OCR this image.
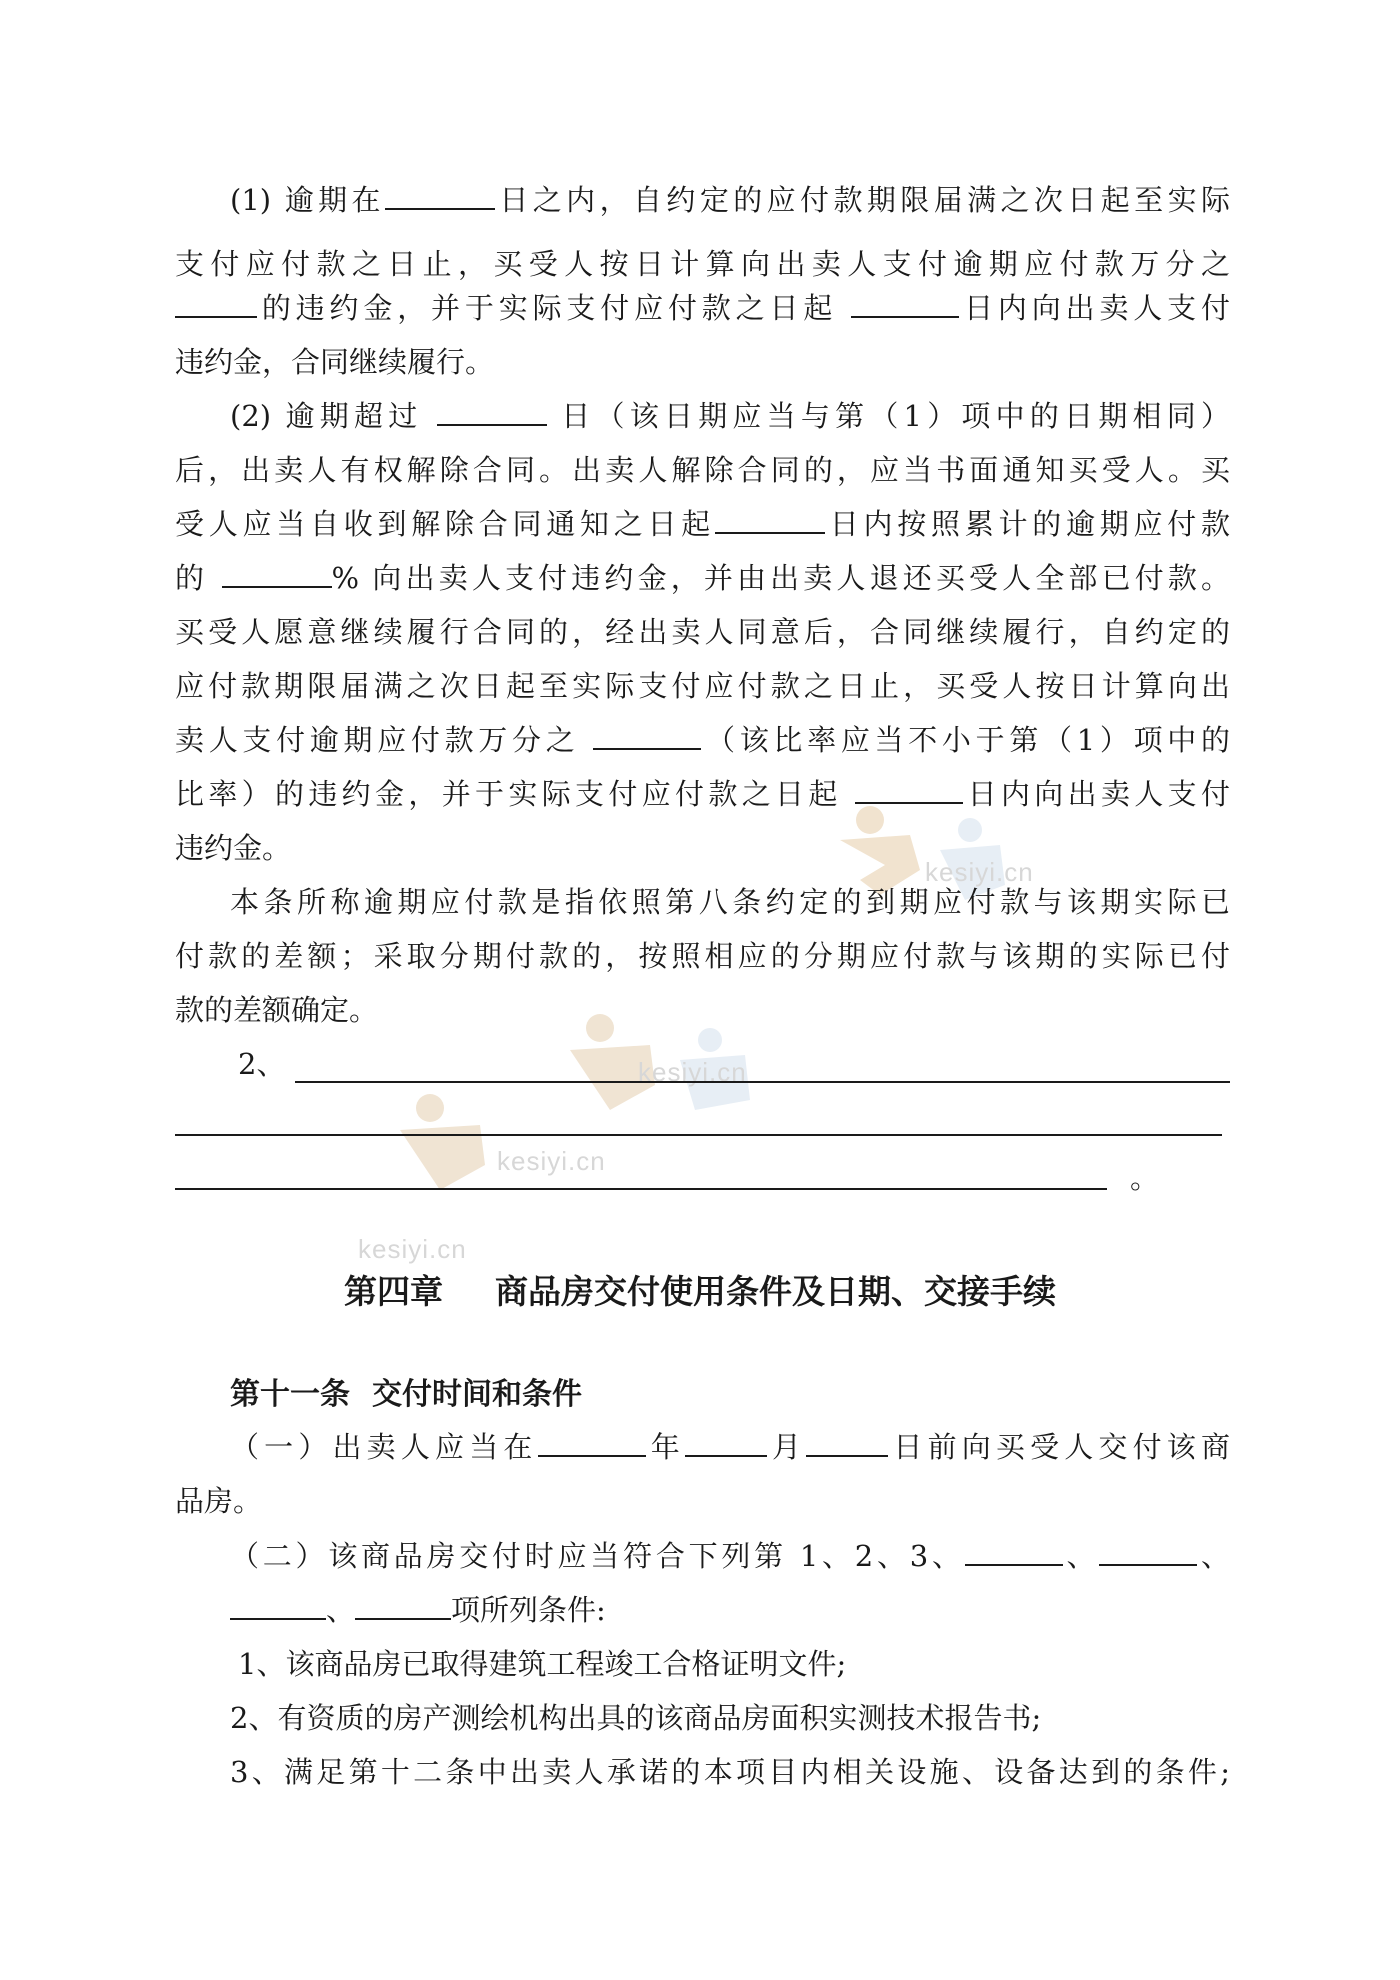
kesiyi.cn
kesiyi.cn
kesiyi.cn
kesiyi.cn
(1) 逾期在	日之内，自约定的应付款期限届满之次日起至实际
支付应付款之日止，买受人按日计算向出卖人支付逾期应付款万分之
的违约金，并于实际支付应付款之日起	日内向出卖人支付
违约金，合同继续履行。
(2) 逾期超过	日（该日期应当与第（1）项中的日期相同）
后，出卖人有权解除合同。出卖人解除合同的，应当书面通知买受人。买
受人应当自收到解除合同通知之日起	日内按照累计的逾期应付款
的	% 向出卖人支付违约金，并由出卖人退还买受人全部已付款。
买受人愿意继续履行合同的，经出卖人同意后，合同继续履行，自约定的
应付款期限届满之次日起至实际支付应付款之日止，买受人按日计算向出
卖人支付逾期应付款万分之	（该比率应当不小于第（1）项中的
比率）的违约金，并于实际支付应付款之日起	日内向出卖人支付
违约金。
本条所称逾期应付款是指依照第八条约定的到期应付款与该期实际已
付款的差额；采取分期付款的，按照相应的分期应付款与该期的实际已付
款的差额确定。
2、
。
第四章 商品房交付使用条件及日期、交接手续
第十一条 交付时间和条件
（一）出卖人应当在	年	月	日前向买受人交付该商
品房。
（二）该商品房交付时应当符合下列第 1、2、3、	、	、
、	项所列条件:
1、该商品房已取得建筑工程竣工合格证明文件;
2、有资质的房产测绘机构出具的该商品房面积实测技术报告书;
3、满足第十二条中出卖人承诺的本项目内相关设施、设备达到的条件;
